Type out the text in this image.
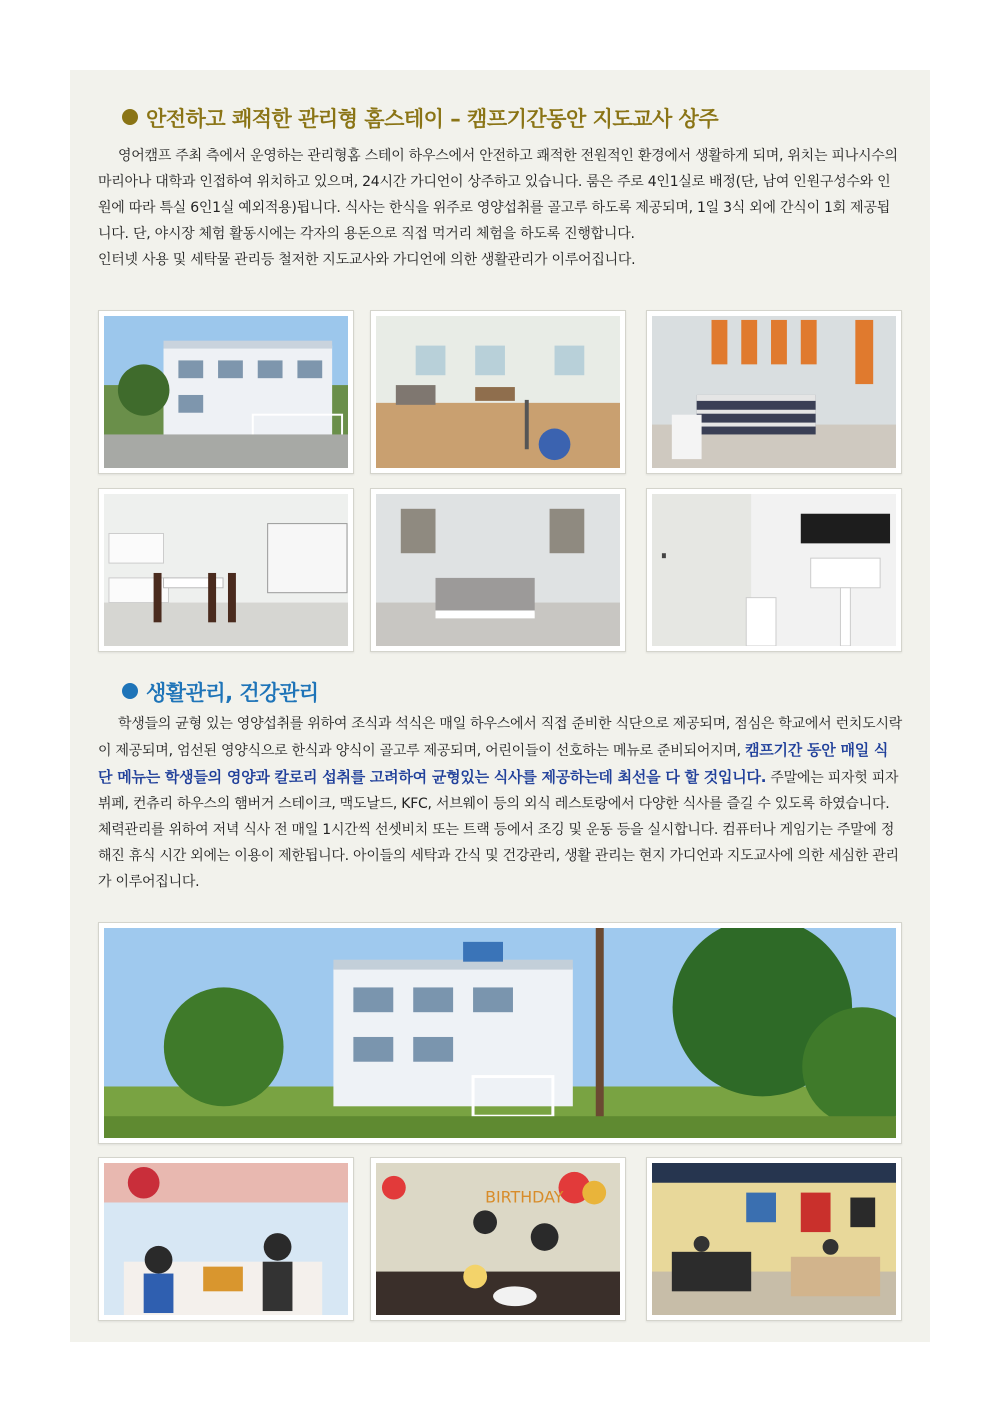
안전하고 쾌적한 관리형 홈스테이 – 캠프기간동안 지도교사 상주

영어캠프 주최 측에서 운영하는 관리형홈 스테이 하우스에서 안전하고 쾌적한 전원적인 환경에서 생활하게 되며, 위치는 피나시수의 마리아나 대학과 인접하여 위치하고 있으며, 24시간 가디언이 상주하고 있습니다. 룸은 주로 4인1실로 배정(단, 남여 인원구성수와 인원에 따라 특실 6인1실 예외적용)됩니다. 식사는 한식을 위주로 영양섭취를 골고루 하도록 제공되며, 1일 3식 외에 간식이 1회 제공됩니다. 단, 야시장 체험 활동시에는 각자의 용돈으로 직접 먹거리 체험을 하도록 진행합니다.

인터넷 사용 및 세탁물 관리등 철저한 지도교사와 가디언에 의한 생활관리가 이루어집니다.

생활관리, 건강관리

학생들의 균형 있는 영양섭취를 위하여 조식과 석식은 매일 하우스에서 직접 준비한 식단으로 제공되며, 점심은 학교에서 런치도시락이 제공되며, 엄선된 영양식으로 한식과 양식이 골고루 제공되며, 어린이들이 선호하는 메뉴로 준비되어지며, 캠프기간 동안 매일 식단 메뉴는 학생들의 영양과 칼로리 섭취를 고려하여 균형있는 식사를 제공하는데 최선을 다 할 것입니다. 주말에는 피자헛 피자 뷔페, 컨츄리 하우스의 햄버거 스테이크, 맥도날드, KFC, 서브웨이 등의 외식 레스토랑에서 다양한 식사를 즐길 수 있도록 하였습니다. 체력관리를 위하여 저녁 식사 전 매일 1시간씩 선셋비치 또는 트랙 등에서 조깅 및 운동 등을 실시합니다. 컴퓨터나 게임기는 주말에 정해진 휴식 시간 외에는 이용이 제한됩니다. 아이들의 세탁과 간식 및 건강관리, 생활 관리는 현지 가디언과 지도교사에 의한 세심한 관리가 이루어집니다.

BIRTHDAY
